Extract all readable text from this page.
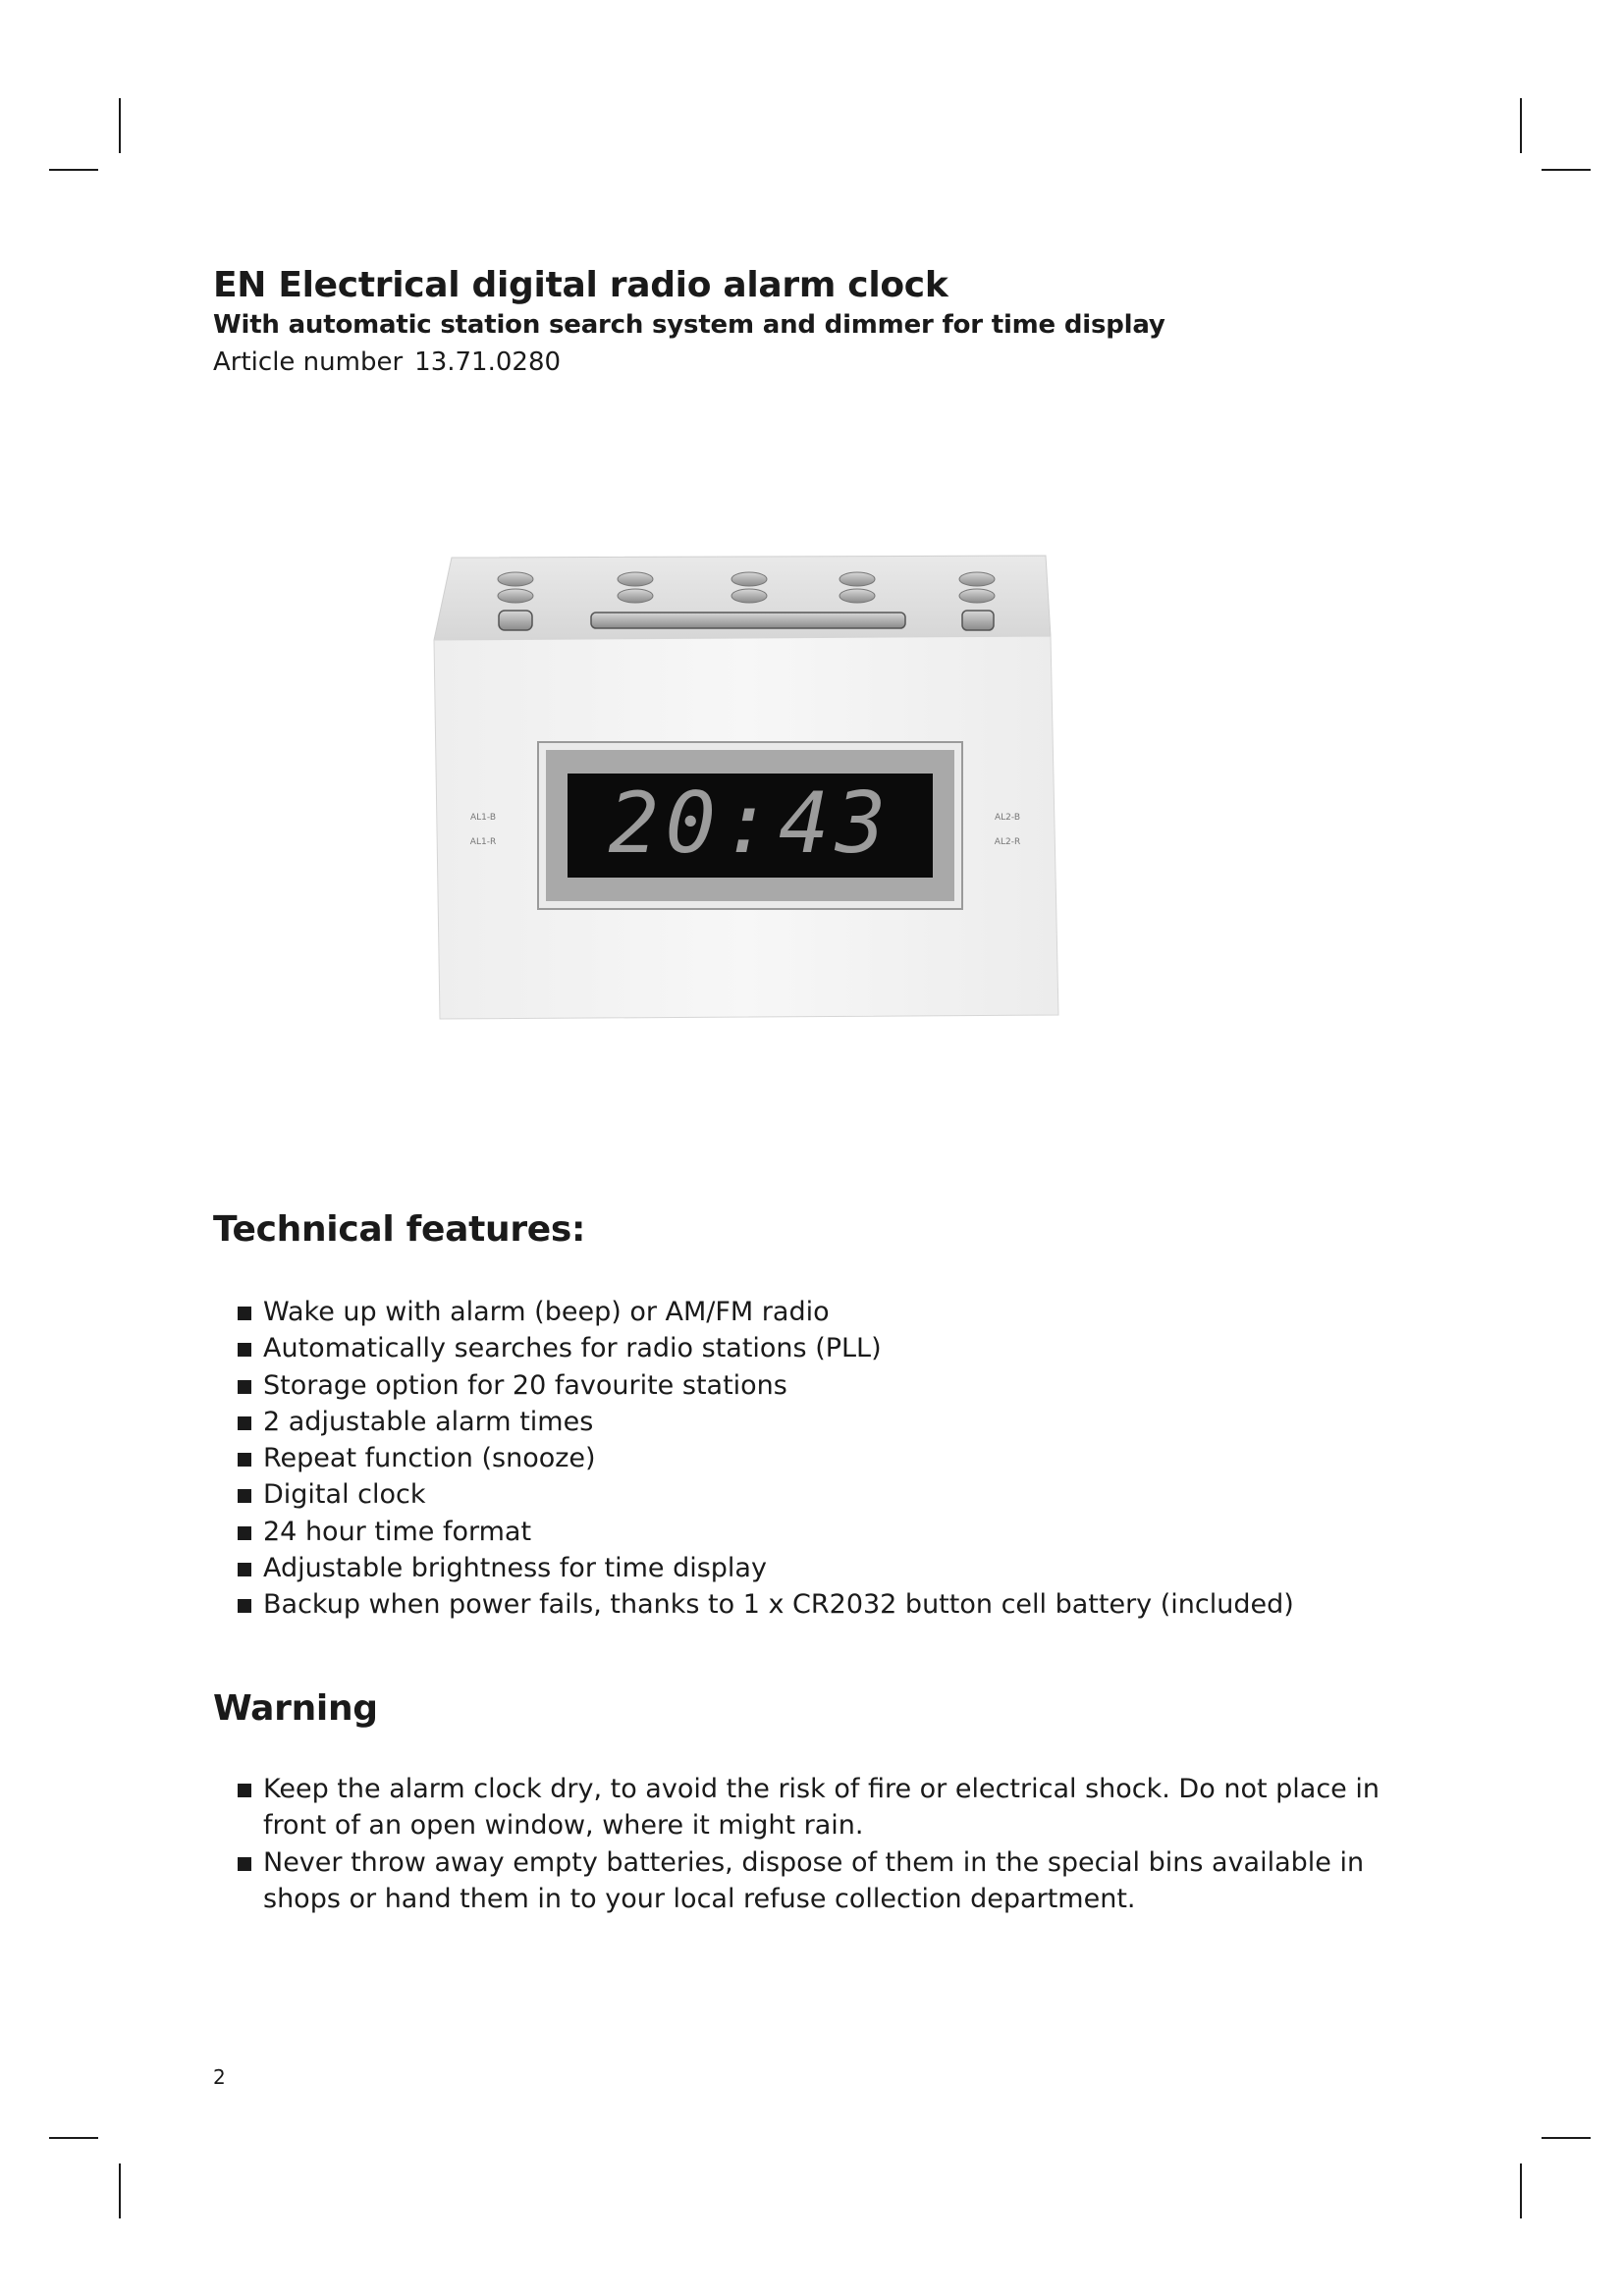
EN Electrical digital radio alarm clock

With automatic station search system and dimmer for time display

Article number 13.71.0280

20:43
AL1-B
AL1-R
AL2-B
AL2-R
Technical features:
Wake up with alarm (beep) or AM/FM radio
Automatically searches for radio stations (PLL)
Storage option for 20 favourite stations
2 adjustable alarm times
Repeat function (snooze)
Digital clock
24 hour time format
Adjustable brightness for time display
Backup when power fails, thanks to 1 x CR2032 button cell battery (included)
Warning
Keep the alarm clock dry, to avoid the risk of fire or electrical shock. Do not place in front of an open window, where it might rain.
Never throw away empty batteries, dispose of them in the special bins available in shops or hand them in to your local refuse collection department.

2
